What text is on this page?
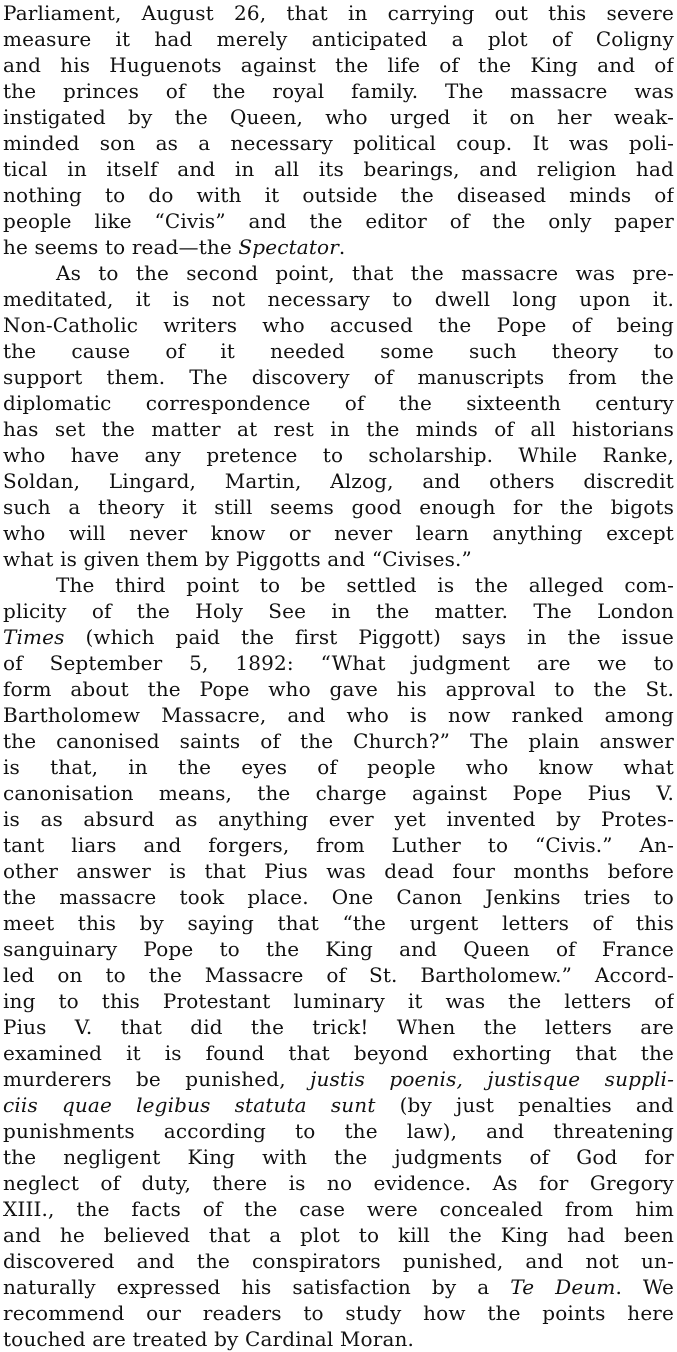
Parliament, August 26, that in carrying out this severe
measure it had merely anticipated a plot of Coligny
and his Huguenots against the life of the King and of
the princes of the royal family. The massacre was
instigated by the Queen, who urged it on her weak-
minded son as a necessary political coup. It was poli-
tical in itself and in all its bearings, and religion had
nothing to do with it outside the diseased minds of
people like “Civis” and the editor of the only paper
he seems to read—the Spectator.
As to the second point, that the massacre was pre-
meditated, it is not necessary to dwell long upon it.
Non-Catholic writers who accused the Pope of being
the cause of it needed some such theory to
support them. The discovery of manuscripts from the
diplomatic correspondence of the sixteenth century
has set the matter at rest in the minds of all historians
who have any pretence to scholarship. While Ranke,
Soldan, Lingard, Martin, Alzog, and others discredit
such a theory it still seems good enough for the bigots
who will never know or never learn anything except
what is given them by Piggotts and “Civises.”
The third point to be settled is the alleged com-
plicity of the Holy See in the matter. The London
Times (which paid the first Piggott) says in the issue
of September 5, 1892: “What judgment are we to
form about the Pope who gave his approval to the St.
Bartholomew Massacre, and who is now ranked among
the canonised saints of the Church?” The plain answer
is that, in the eyes of people who know what
canonisation means, the charge against Pope Pius V.
is as absurd as anything ever yet invented by Protes-
tant liars and forgers, from Luther to “Civis.” An-
other answer is that Pius was dead four months before
the massacre took place. One Canon Jenkins tries to
meet this by saying that “the urgent letters of this
sanguinary Pope to the King and Queen of France
led on to the Massacre of St. Bartholomew.” Accord-
ing to this Protestant luminary it was the letters of
Pius V. that did the trick! When the letters are
examined it is found that beyond exhorting that the
murderers be punished, justis poenis, justisque suppli-
ciis quae legibus statuta sunt (by just penalties and
punishments according to the law), and threatening
the negligent King with the judgments of God for
neglect of duty, there is no evidence. As for Gregory
XIII., the facts of the case were concealed from him
and he believed that a plot to kill the King had been
discovered and the conspirators punished, and not un-
naturally expressed his satisfaction by a Te Deum. We
recommend our readers to study how the points here
touched are treated by Cardinal Moran.
